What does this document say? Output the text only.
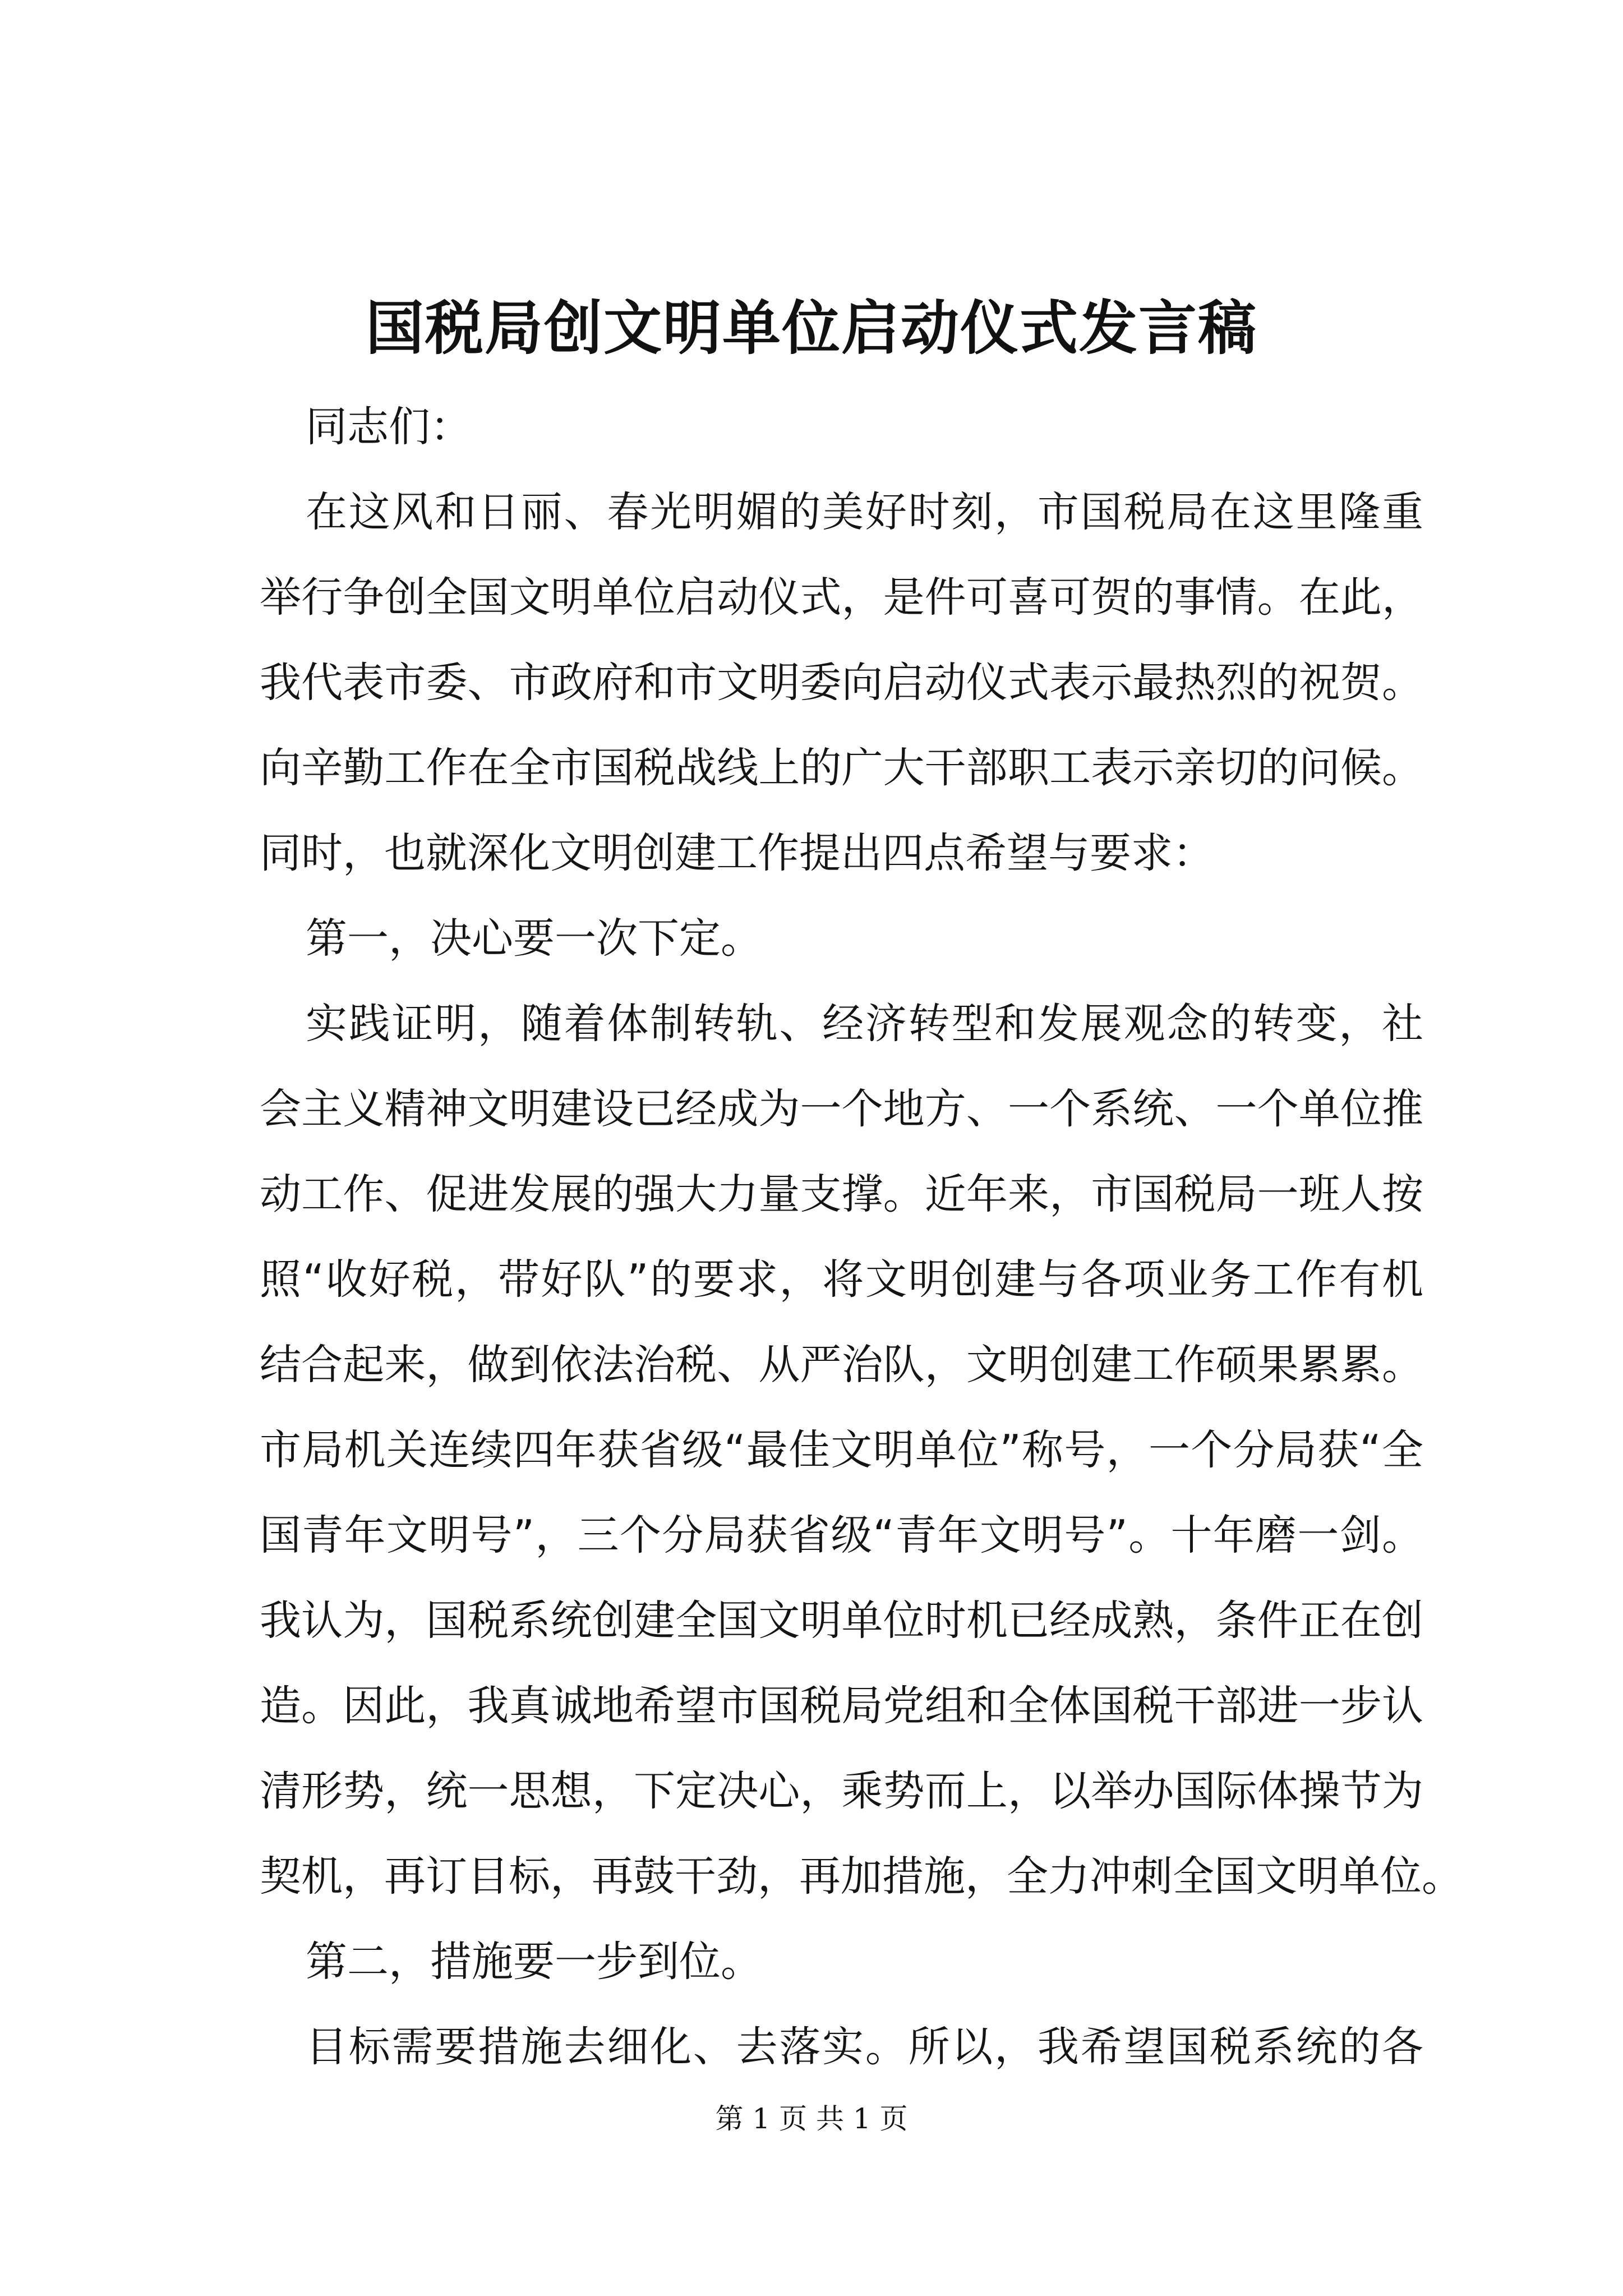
国税局创文明单位启动仪式发言稿
同志们：
在这风和日丽、春光明媚的美好时刻，市国税局在这里隆重
举行争创全国文明单位启动仪式，是件可喜可贺的事情。在此，
我代表市委、市政府和市文明委向启动仪式表示最热烈的祝贺。
向辛勤工作在全市国税战线上的广大干部职工表示亲切的问候。
同时，也就深化文明创建工作提出四点希望与要求：
第一，决心要一次下定。
实践证明，随着体制转轨、经济转型和发展观念的转变，社
会主义精神文明建设已经成为一个地方、一个系统、一个单位推
动工作、促进发展的强大力量支撑。近年来，市国税局一班人按
照“收好税，带好队”的要求，将文明创建与各项业务工作有机
结合起来，做到依法治税、从严治队，文明创建工作硕果累累。
市局机关连续四年获省级“最佳文明单位”称号，一个分局获“全
国青年文明号”，三个分局获省级“青年文明号”。十年磨一剑。
我认为，国税系统创建全国文明单位时机已经成熟，条件正在创
造。因此，我真诚地希望市国税局党组和全体国税干部进一步认
清形势，统一思想，下定决心，乘势而上，以举办国际体操节为
契机，再订目标，再鼓干劲，再加措施，全力冲刺全国文明单位。
第二，措施要一步到位。
目标需要措施去细化、去落实。所以，我希望国税系统的各
第 1 页 共 1 页
